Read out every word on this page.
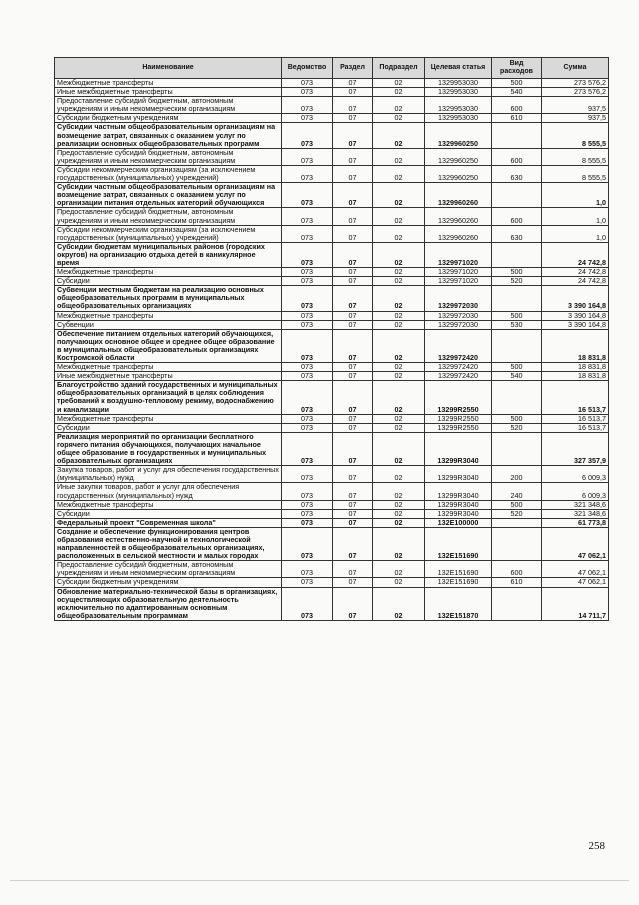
Наименование	Ведомство	Раздел	Подраздел	Целевая статья	Вид расходов	Сумма
Межбюджетные трансферты	073	07	02	1329953030	500	273 576,2
Иные межбюджетные трансферты	073	07	02	1329953030	540	273 576,2
Предоставление субсидий бюджетным, автономным учреждениям и иным некоммерческим организациям	073	07	02	1329953030	600	937,5
Субсидии бюджетным учреждениям	073	07	02	1329953030	610	937,5
Субсидии частным общеобразовательным организациям на возмещение затрат, связанных с оказанием услуг по реализации основных общеобразовательных программ	073	07	02	1329960250		8 555,5
Предоставление субсидий бюджетным, автономным учреждениям и иным некоммерческим организациям	073	07	02	1329960250	600	8 555,5
Субсидии некоммерческим организациям (за исключением государственных (муниципальных) учреждений)	073	07	02	1329960250	630	8 555,5
Субсидии частным общеобразовательным организациям на возмещение затрат, связанных с оказанием услуг по организации питания отдельных категорий обучающихся	073	07	02	1329960260		1,0
Предоставление субсидий бюджетным, автономным учреждениям и иным некоммерческим организациям	073	07	02	1329960260	600	1,0
Субсидии некоммерческим организациям (за исключением государственных (муниципальных) учреждений)	073	07	02	1329960260	630	1,0
Субсидии бюджетам муниципальных районов (городских округов) на организацию отдыха детей в каникулярное время	073	07	02	1329971020		24 742,8
Межбюджетные трансферты	073	07	02	1329971020	500	24 742,8
Субсидии	073	07	02	1329971020	520	24 742,8
Субвенции местным бюджетам на реализацию основных общеобразовательных программ в муниципальных общеобразовательных организациях	073	07	02	1329972030		3 390 164,8
Межбюджетные трансферты	073	07	02	1329972030	500	3 390 164,8
Субвенции	073	07	02	1329972030	530	3 390 164,8
Обеспечение питанием отдельных категорий обучающихся, получающих основное общее и среднее общее образование в муниципальных общеобразовательных организациях Костромской области	073	07	02	1329972420		18 831,8
Межбюджетные трансферты	073	07	02	1329972420	500	18 831,8
Иные межбюджетные трансферты	073	07	02	1329972420	540	18 831,8
Благоустройство зданий государственных и муниципальных общеобразовательных организаций в целях соблюдения требований к воздушно-тепловому режиму, водоснабжению и канализации	073	07	02	13299R2550		16 513,7
Межбюджетные трансферты	073	07	02	13299R2550	500	16 513,7
Субсидии	073	07	02	13299R2550	520	16 513,7
Реализация мероприятий по организации бесплатного горячего питания обучающихся, получающих начальное общее образование в государственных и муниципальных образовательных организациях	073	07	02	13299R3040		327 357,9
Закупка товаров, работ и услуг для обеспечения государственных (муниципальных) нужд	073	07	02	13299R3040	200	6 009,3
Иные закупки товаров, работ и услуг для обеспечения государственных (муниципальных) нужд	073	07	02	13299R3040	240	6 009,3
Межбюджетные трансферты	073	07	02	13299R3040	500	321 348,6
Субсидии	073	07	02	13299R3040	520	321 348,6
Федеральный проект "Современная школа"	073	07	02	132E100000		61 773,8
Создание и обеспечение функционирования центров образования естественно-научной и технологической направленностей в общеобразовательных организациях, расположенных в сельской местности и малых городах	073	07	02	132E151690		47 062,1
Предоставление субсидий бюджетным, автономным учреждениям и иным некоммерческим организациям	073	07	02	132E151690	600	47 062,1
Субсидии бюджетным учреждениям	073	07	02	132E151690	610	47 062,1
Обновление материально-технической базы в организациях, осуществляющих образовательную деятельность исключительно по адаптированным основным общеобразовательным программам	073	07	02	132E151870		14 711,7
258
